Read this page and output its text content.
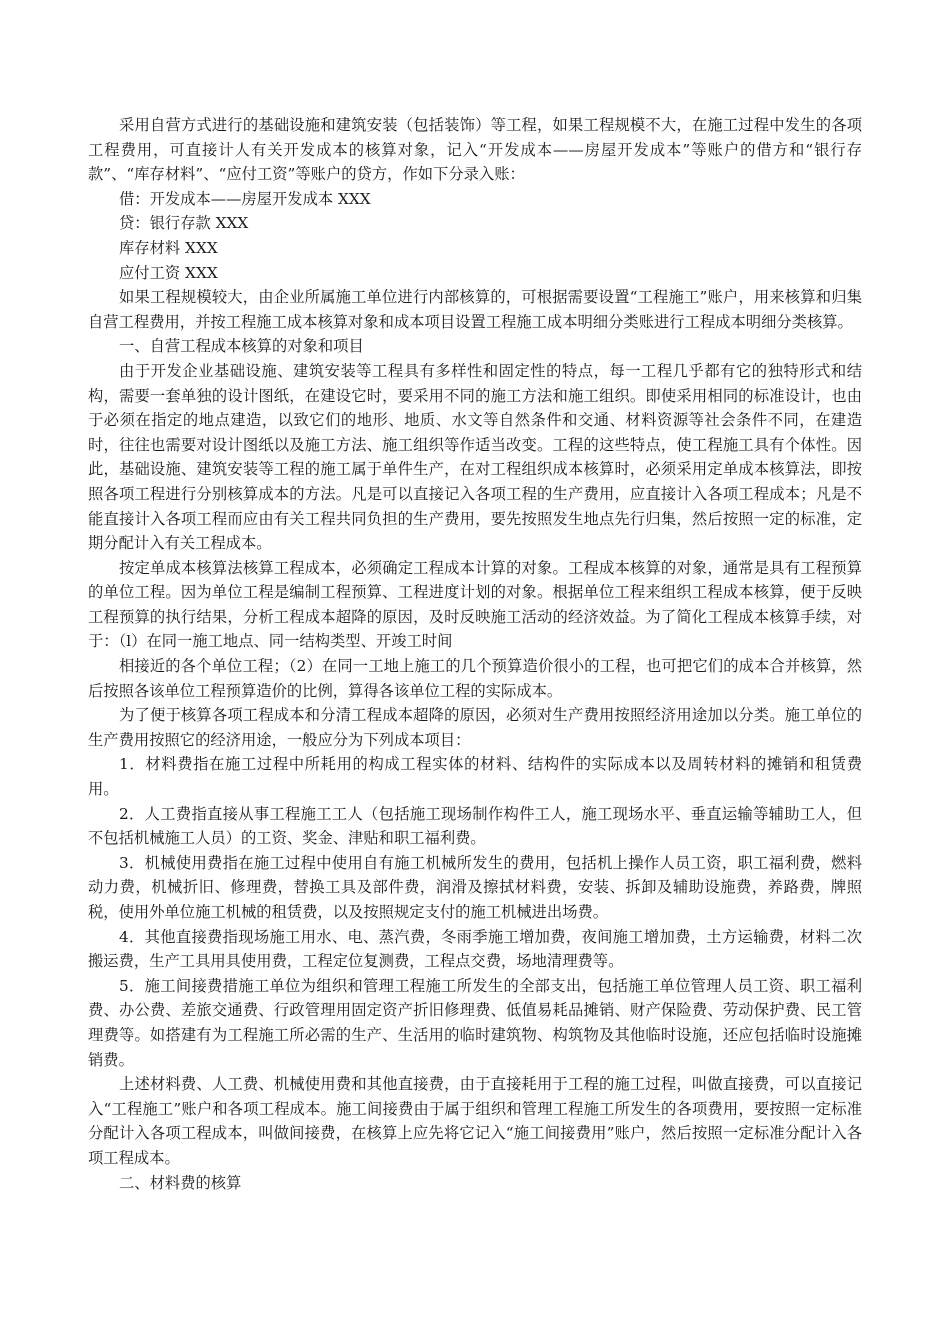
采用自营方式进行的基础设施和建筑安装（包括装饰）等工程，如果工程规模不大，在施工过程中发生的各项工程费用，可直接计人有关开发成本的核算对象，记入“开发成本——房屋开发成本”等账户的借方和“银行存款”、“库存材料”、“应付工资”等账户的贷方，作如下分录入账：

借：开发成本——房屋开发成本 XXX

贷：银行存款 XXX

库存材料 XXX

应付工资 XXX

如果工程规模较大，由企业所属施工单位进行内部核算的，可根据需要设置“工程施工”账户，用来核算和归集自营工程费用，并按工程施工成本核算对象和成本项目设置工程施工成本明细分类账进行工程成本明细分类核算。

一、自营工程成本核算的对象和项目

由于开发企业基础设施、建筑安装等工程具有多样性和固定性的特点，每一工程几乎都有它的独特形式和结构，需要一套单独的设计图纸，在建设它时，要采用不同的施工方法和施工组织。即使采用相同的标准设计，也由于必须在指定的地点建造，以致它们的地形、地质、水文等自然条件和交通、材料资源等社会条件不同，在建造时，往往也需要对设计图纸以及施工方法、施工组织等作适当改变。工程的这些特点，使工程施工具有个体性。因此，基础设施、建筑安装等工程的施工属于单件生产，在对工程组织成本核算时，必须采用定单成本核算法，即按照各项工程进行分别核算成本的方法。凡是可以直接记入各项工程的生产费用，应直接计入各项工程成本；凡是不能直接计入各项工程而应由有关工程共同负担的生产费用，要先按照发生地点先行归集，然后按照一定的标准，定期分配计入有关工程成本。

按定单成本核算法核算工程成本，必须确定工程成本计算的对象。工程成本核算的对象，通常是具有工程预算的单位工程。因为单位工程是编制工程预算、工程进度计划的对象。根据单位工程来组织工程成本核算，便于反映工程预算的执行结果，分析工程成本超降的原因，及时反映施工活动的经济效益。为了简化工程成本核算手续，对于：（l）在同一施工地点、同一结构类型、开竣工时间

相接近的各个单位工程；（2）在同一工地上施工的几个预算造价很小的工程，也可把它们的成本合并核算，然后按照各该单位工程预算造价的比例，算得各该单位工程的实际成本。

为了便于核算各项工程成本和分清工程成本超降的原因，必须对生产费用按照经济用途加以分类。施工单位的生产费用按照它的经济用途，一般应分为下列成本项目：

1．材料费指在施工过程中所耗用的构成工程实体的材料、结构件的实际成本以及周转材料的摊销和租赁费用。

2．人工费指直接从事工程施工工人（包括施工现场制作构件工人，施工现场水平、垂直运输等辅助工人，但不包括机械施工人员）的工资、奖金、津贴和职工福利费。

3．机械使用费指在施工过程中使用自有施工机械所发生的费用，包括机上操作人员工资，职工福利费，燃料动力费，机械折旧、修理费，替换工具及部件费，润滑及擦拭材料费，安装、拆卸及辅助设施费，养路费，牌照税，使用外单位施工机械的租赁费，以及按照规定支付的施工机械进出场费。

4．其他直接费指现场施工用水、电、蒸汽费，冬雨季施工增加费，夜间施工增加费，土方运输费，材料二次搬运费，生产工具用具使用费，工程定位复测费，工程点交费，场地清理费等。

5．施工间接费措施工单位为组织和管理工程施工所发生的全部支出，包括施工单位管理人员工资、职工福利费、办公费、差旅交通费、行政管理用固定资产折旧修理费、低值易耗品摊销、财产保险费、劳动保护费、民工管理费等。如搭建有为工程施工所必需的生产、生活用的临时建筑物、构筑物及其他临时设施，还应包括临时设施摊销费。

上述材料费、人工费、机械使用费和其他直接费，由于直接耗用于工程的施工过程，叫做直接费，可以直接记入“工程施工”账户和各项工程成本。施工间接费由于属于组织和管理工程施工所发生的各项费用，要按照一定标准分配计入各项工程成本，叫做间接费，在核算上应先将它记入“施工间接费用”账户，然后按照一定标准分配计入各项工程成本。

二、材料费的核算
